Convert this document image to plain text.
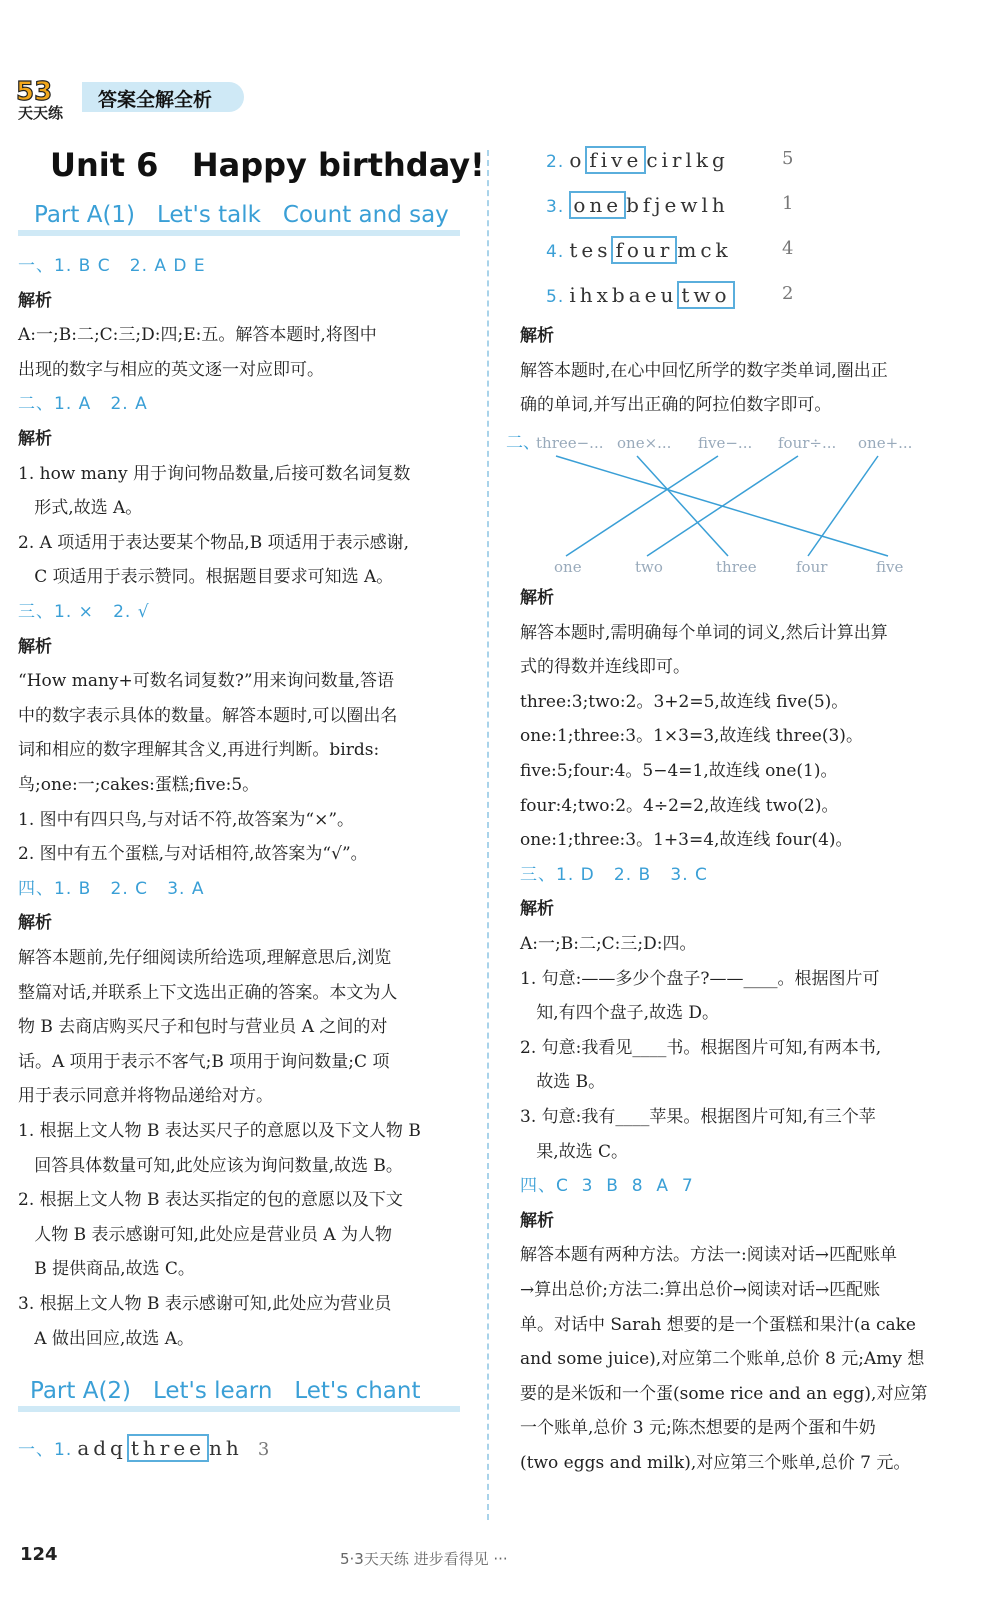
53
天天练
答案全解全析
Unit 6   Happy birthday!
Part A(1)   Let's talk   Count and say
一、1. B C   2. A D E
解析
A:一;B:二;C:三;D:四;E:五。解答本题时,将图中
出现的数字与相应的英文逐一对应即可。
二、1. A   2. A
解析
1. how many 用于询问物品数量,后接可数名词复数
形式,故选 A。
2. A 项适用于表达要某个物品,B 项适用于表示感谢,
C 项适用于表示赞同。根据题目要求可知选 A。
三、1. ×   2. √
解析
“How many+可数名词复数?”用来询问数量,答语
中的数字表示具体的数量。解答本题时,可以圈出名
词和相应的数字理解其含义,再进行判断。birds:
鸟;one:一;cakes:蛋糕;five:5。
1. 图中有四只鸟,与对话不符,故答案为“×”。
2. 图中有五个蛋糕,与对话相符,故答案为“√”。
四、1. B   2. C   3. A
解析
解答本题前,先仔细阅读所给选项,理解意思后,浏览
整篇对话,并联系上下文选出正确的答案。本文为人
物 B 去商店购买尺子和包时与营业员 A 之间的对
话。A 项用于表示不客气;B 项用于询问数量;C 项
用于表示同意并将物品递给对方。
1. 根据上文人物 B 表达买尺子的意愿以及下文人物 B
回答具体数量可知,此处应该为询问数量,故选 B。
2. 根据上文人物 B 表达买指定的包的意愿以及下文
人物 B 表示感谢可知,此处应是营业员 A 为人物
B 提供商品,故选 C。
3. 根据上文人物 B 表示感谢可知,此处应为营业员
A 做出回应,故选 A。
Part A(2)   Let's learn   Let's chant
一、1. adq three nh 3
2. o five cirlkg	5
3. one bfjewlh	1
4. tes four mck	4
5. ihxbaeu two	2
解析
解答本题时,在心中回忆所学的数字类单词,圈出正
确的单词,并写出正确的阿拉伯数字即可。
二、
three−... one×... five−... four÷... one+...
one	two	three	four	five
解析
解答本题时,需明确每个单词的词义,然后计算出算
式的得数并连线即可。
three:3;two:2。3+2=5,故连线 five(5)。
one:1;three:3。1×3=3,故连线 three(3)。
five:5;four:4。5−4=1,故连线 one(1)。
four:4;two:2。4÷2=2,故连线 two(2)。
one:1;three:3。1+3=4,故连线 four(4)。
三、1. D   2. B   3. C
解析
A:一;B:二;C:三;D:四。
1. 句意:——多少个盘子?——____。根据图片可
知,有四个盘子,故选 D。
2. 句意:我看见____书。根据图片可知,有两本书,
故选 B。
3. 句意:我有____苹果。根据图片可知,有三个苹
果,故选 C。
四、C  3  B  8  A  7
解析
解答本题有两种方法。方法一:阅读对话→匹配账单
→算出总价;方法二:算出总价→阅读对话→匹配账
单。对话中 Sarah 想要的是一个蛋糕和果汁(a cake
and some juice),对应第二个账单,总价 8 元;Amy 想
要的是米饭和一个蛋(some rice and an egg),对应第
一个账单,总价 3 元;陈杰想要的是两个蛋和牛奶
(two eggs and milk),对应第三个账单,总价 7 元。
124	5·3天天练 进步看得见 ···
